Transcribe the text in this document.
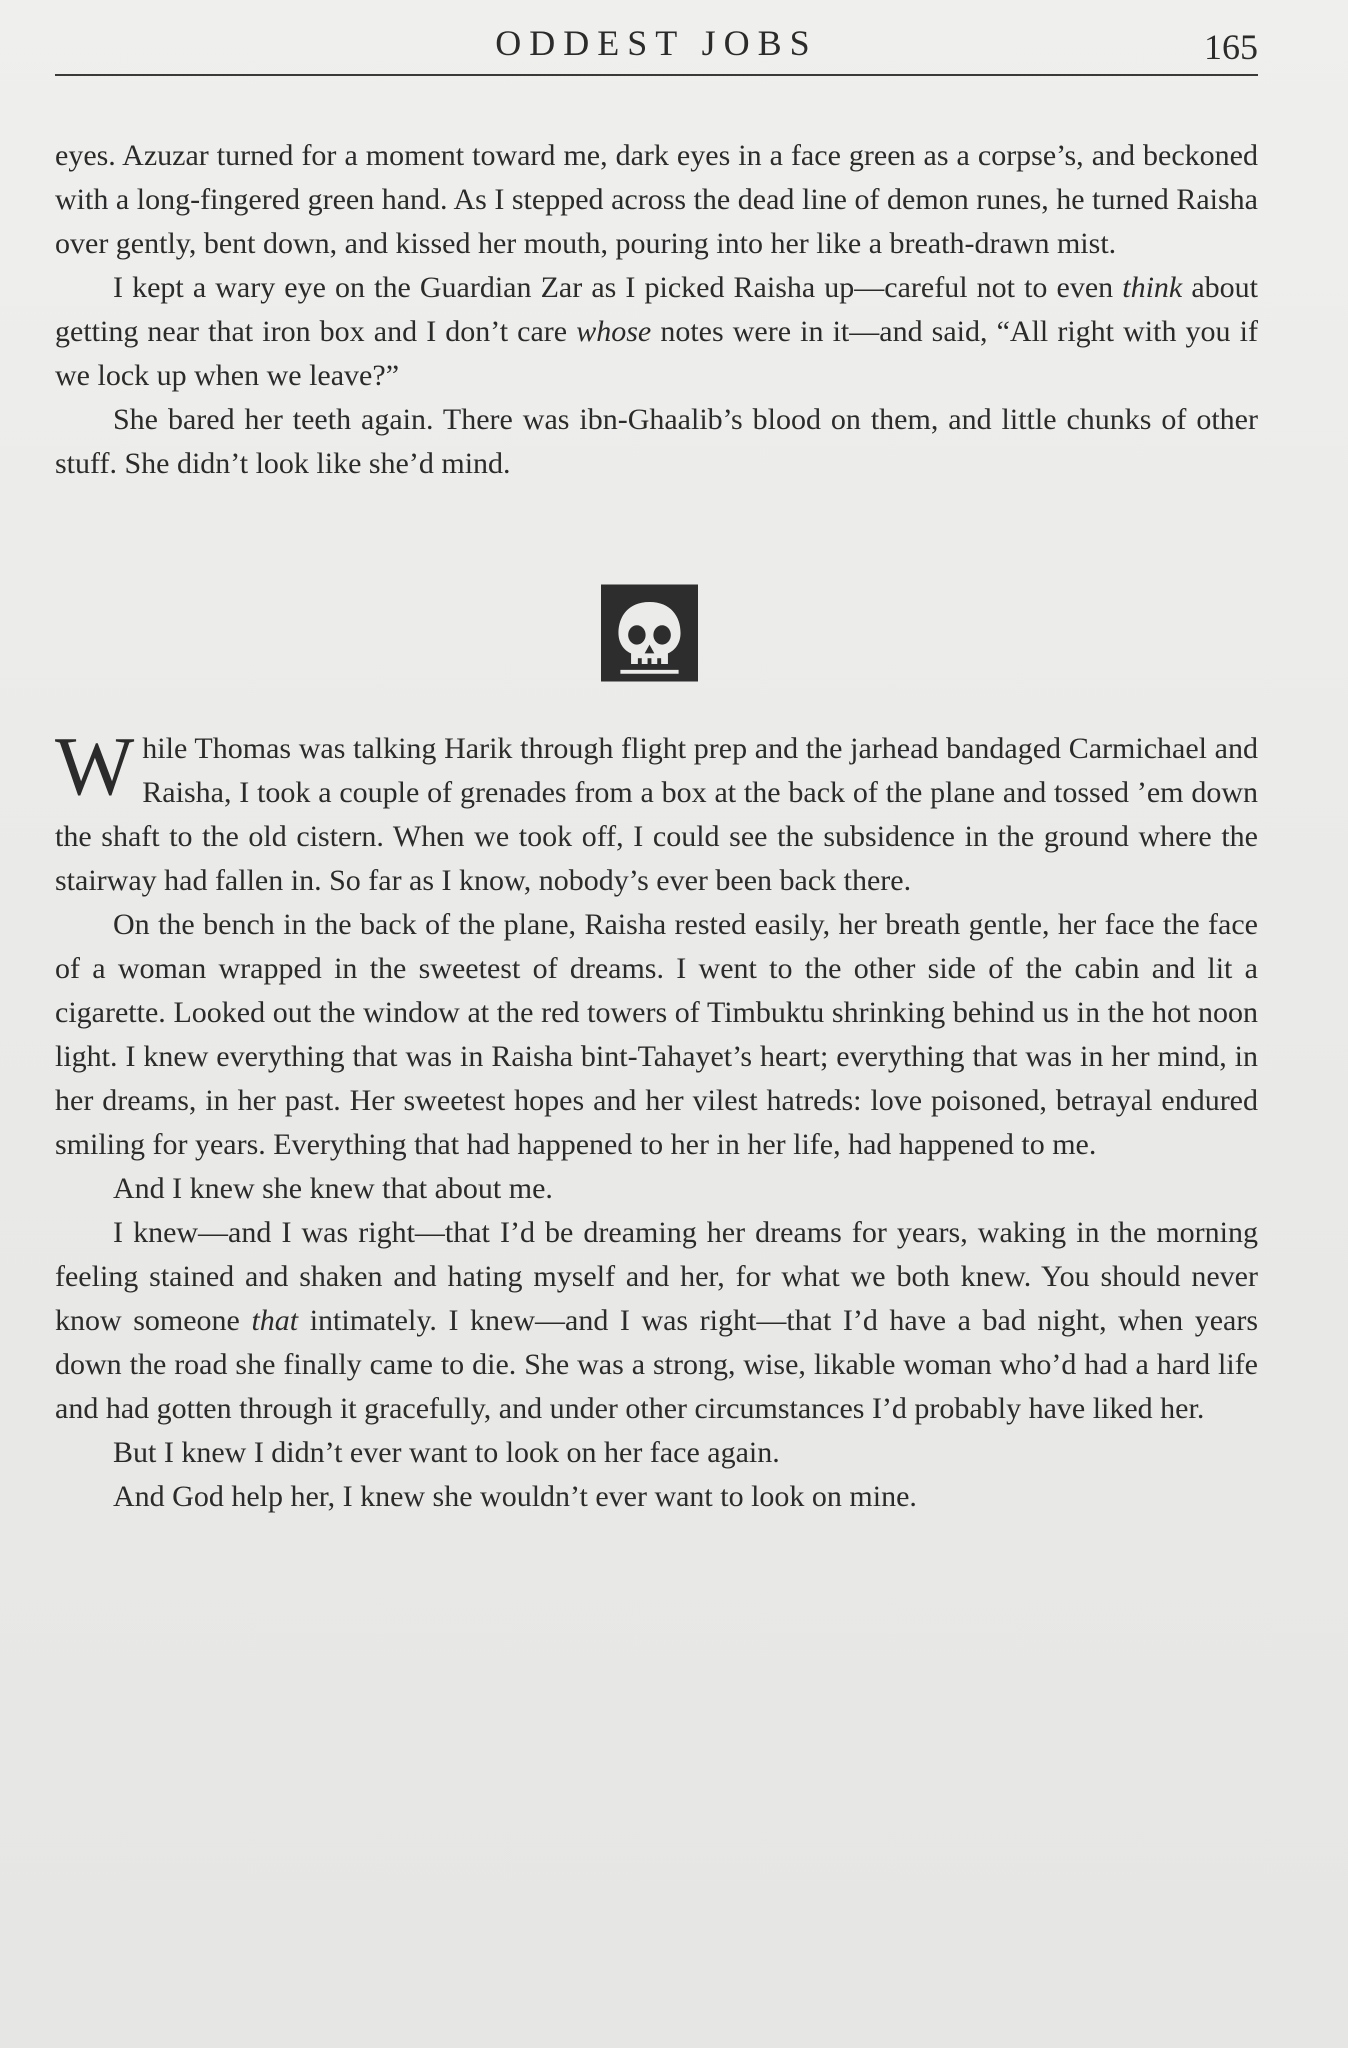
ODDEST JOBS	165

eyes. Azuzar turned for a moment toward me, dark eyes in a face green as a corpse’s, and beckoned with a long-fingered green hand. As I stepped across the dead line of demon runes, he turned Raisha over gently, bent down, and kissed her mouth, pouring into her like a breath-drawn mist.

I kept a wary eye on the Guardian Zar as I picked Raisha up—careful not to even think about getting near that iron box and I don’t care whose notes were in it—and said, “All right with you if we lock up when we leave?”

She bared her teeth again. There was ibn-Ghaalib’s blood on them, and little chunks of other stuff. She didn’t look like she’d mind.

While Thomas was talking Harik through flight prep and the jarhead bandaged Carmichael and Raisha, I took a couple of grenades from a box at the back of the plane and tossed ’em down the shaft to the old cistern. When we took off, I could see the subsidence in the ground where the stairway had fallen in. So far as I know, nobody’s ever been back there.

On the bench in the back of the plane, Raisha rested easily, her breath gentle, her face the face of a woman wrapped in the sweetest of dreams. I went to the other side of the cabin and lit a cigarette. Looked out the window at the red towers of Timbuktu shrinking behind us in the hot noon light. I knew everything that was in Raisha bint-Tahayet’s heart; everything that was in her mind, in her dreams, in her past. Her sweetest hopes and her vilest hatreds: love poisoned, betrayal endured smiling for years. Everything that had happened to her in her life, had happened to me.

And I knew she knew that about me.

I knew—and I was right—that I’d be dreaming her dreams for years, waking in the morning feeling stained and shaken and hating myself and her, for what we both knew. You should never know someone that intimately. I knew—and I was right—that I’d have a bad night, when years down the road she finally came to die. She was a strong, wise, likable woman who’d had a hard life and had gotten through it gracefully, and under other circumstances I’d probably have liked her.

But I knew I didn’t ever want to look on her face again.

And God help her, I knew she wouldn’t ever want to look on mine.
